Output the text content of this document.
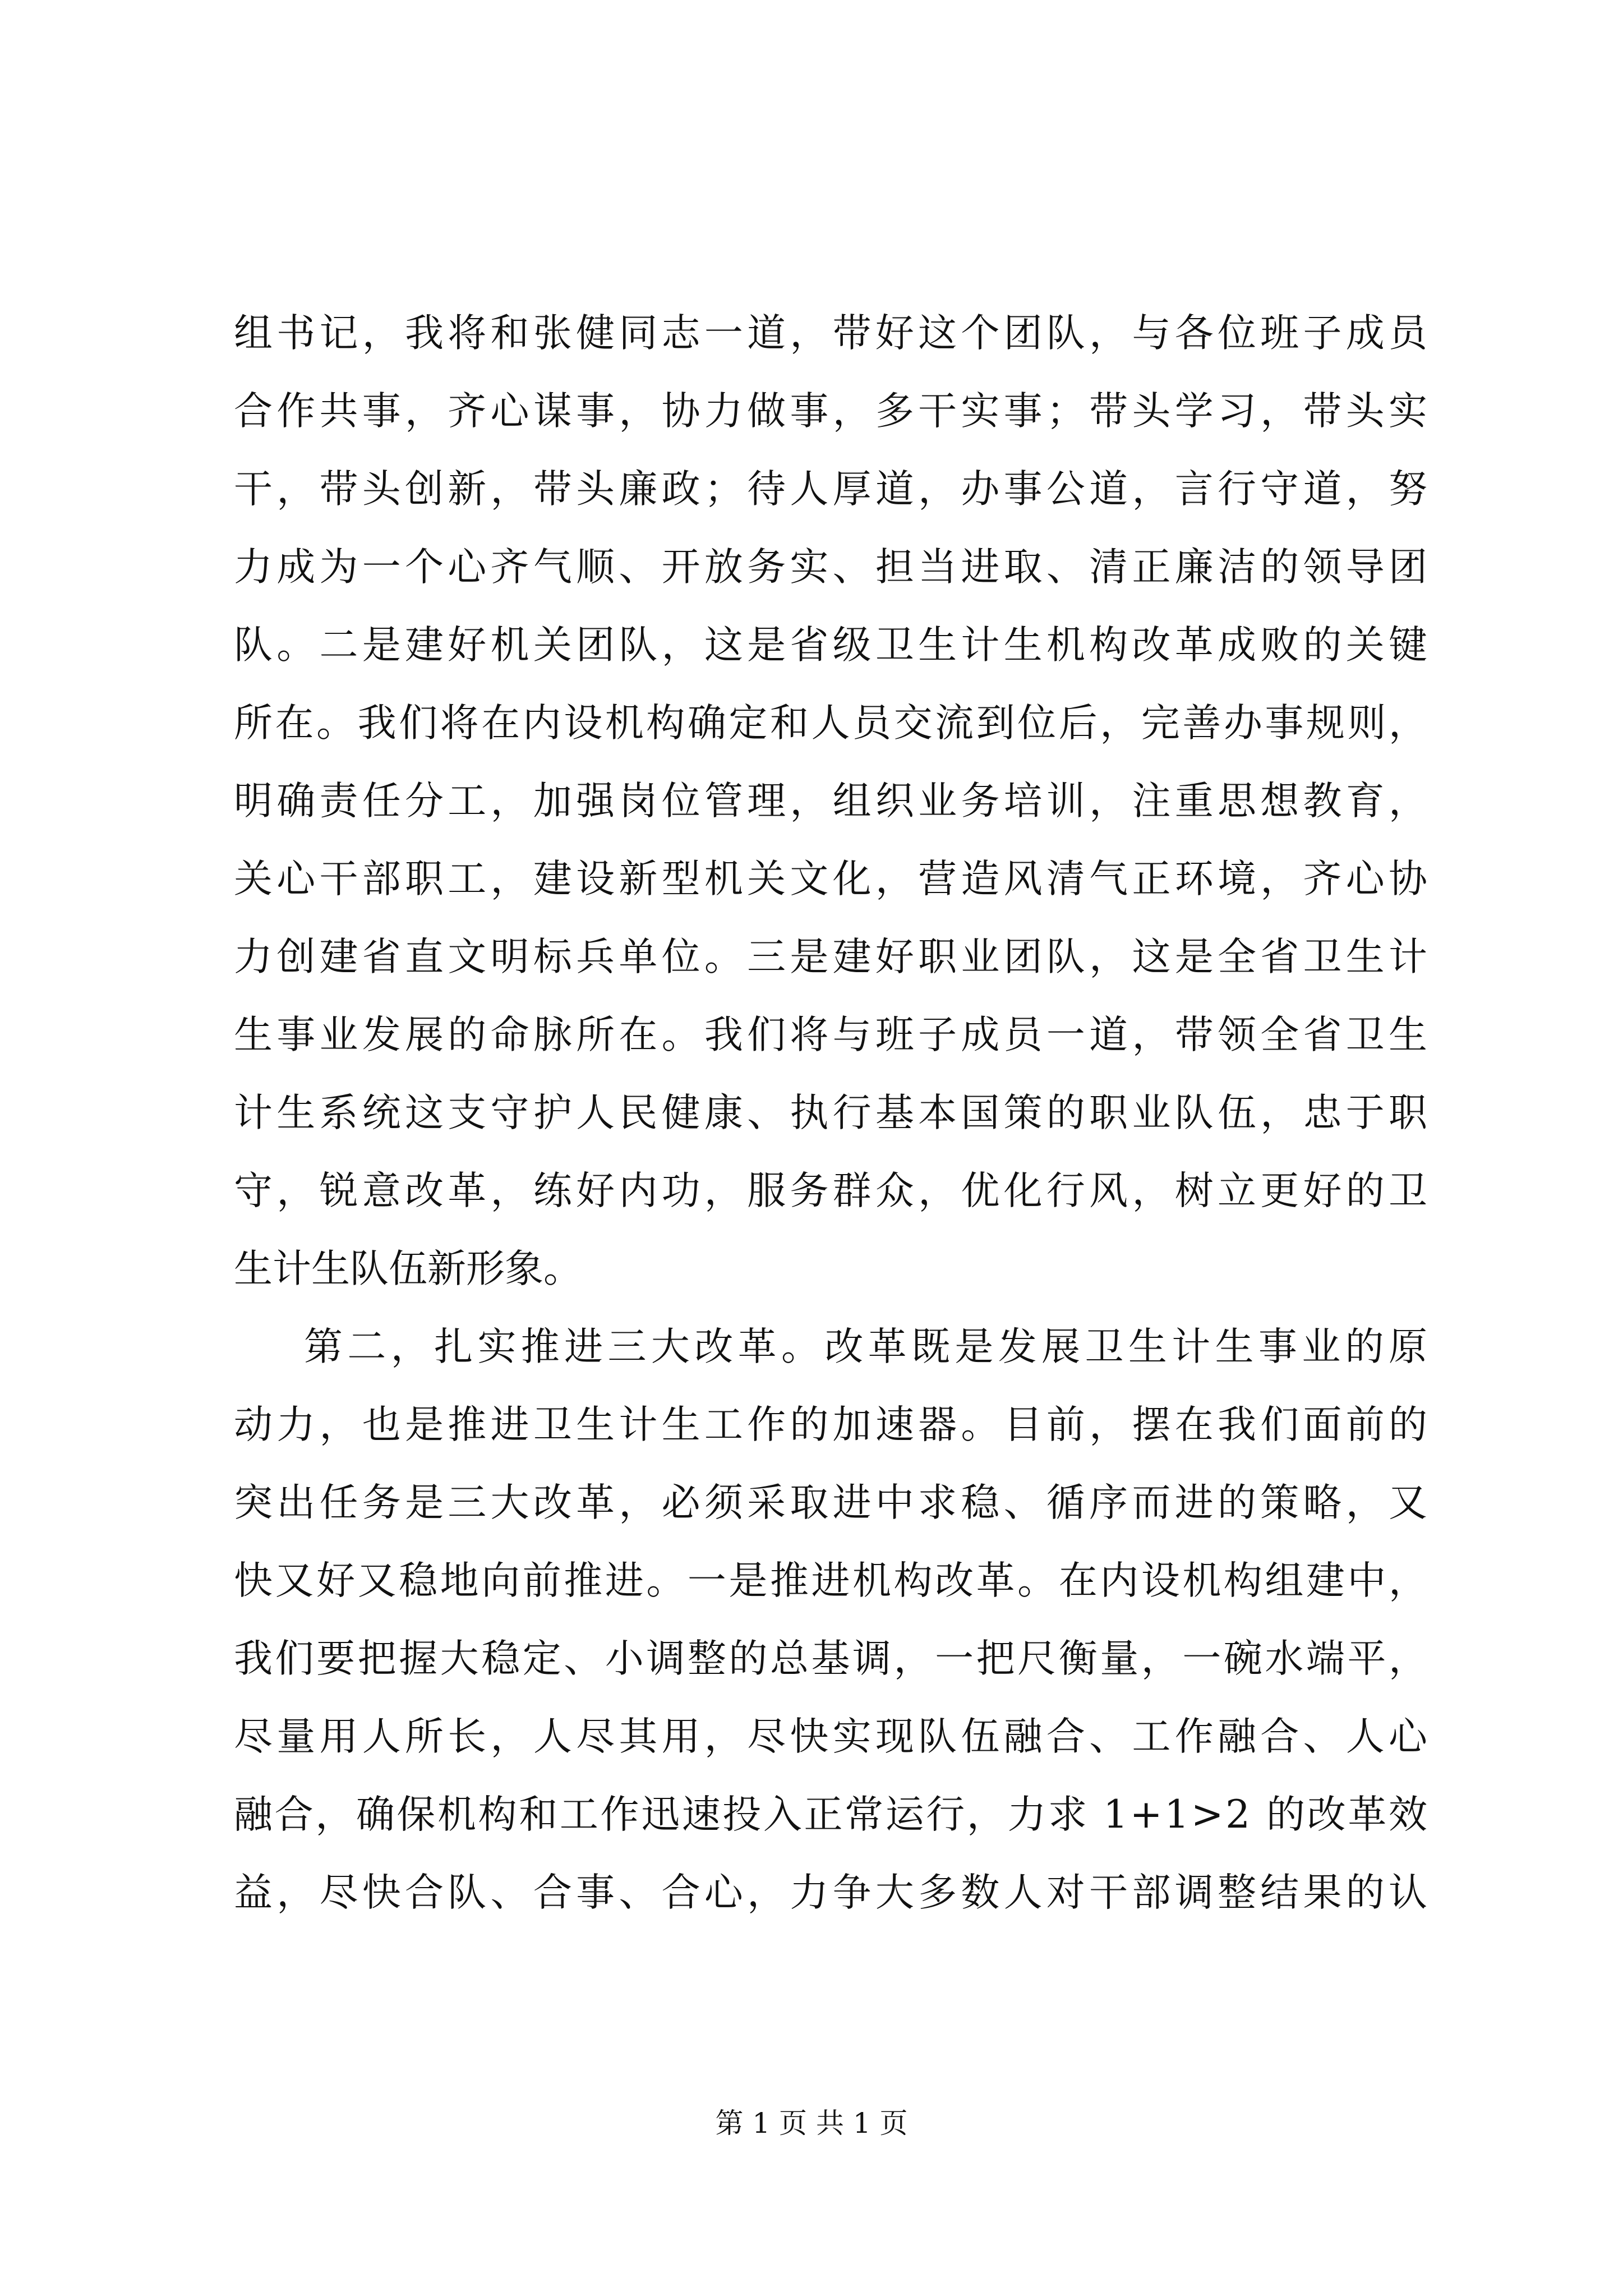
组书记，我将和张健同志一道，带好这个团队，与各位班子成员
合作共事，齐心谋事，协力做事，多干实事；带头学习，带头实
干，带头创新，带头廉政；待人厚道，办事公道，言行守道，努
力成为一个心齐气顺、开放务实、担当进取、清正廉洁的领导团
队。二是建好机关团队，这是省级卫生计生机构改革成败的关键
所在。我们将在内设机构确定和人员交流到位后，完善办事规则，
明确责任分工，加强岗位管理，组织业务培训，注重思想教育，
关心干部职工，建设新型机关文化，营造风清气正环境，齐心协
力创建省直文明标兵单位。三是建好职业团队，这是全省卫生计
生事业发展的命脉所在。我们将与班子成员一道，带领全省卫生
计生系统这支守护人民健康、执行基本国策的职业队伍，忠于职
守，锐意改革，练好内功，服务群众，优化行风，树立更好的卫
生计生队伍新形象。
第二，扎实推进三大改革。改革既是发展卫生计生事业的原
动力，也是推进卫生计生工作的加速器。目前，摆在我们面前的
突出任务是三大改革，必须采取进中求稳、循序而进的策略，又
快又好又稳地向前推进。一是推进机构改革。在内设机构组建中，
我们要把握大稳定、小调整的总基调，一把尺衡量，一碗水端平，
尽量用人所长，人尽其用，尽快实现队伍融合、工作融合、人心
融合，确保机构和工作迅速投入正常运行，力求 1+1>2 的改革效
益，尽快合队、合事、合心，力争大多数人对干部调整结果的认
第 1 页 共 1 页
